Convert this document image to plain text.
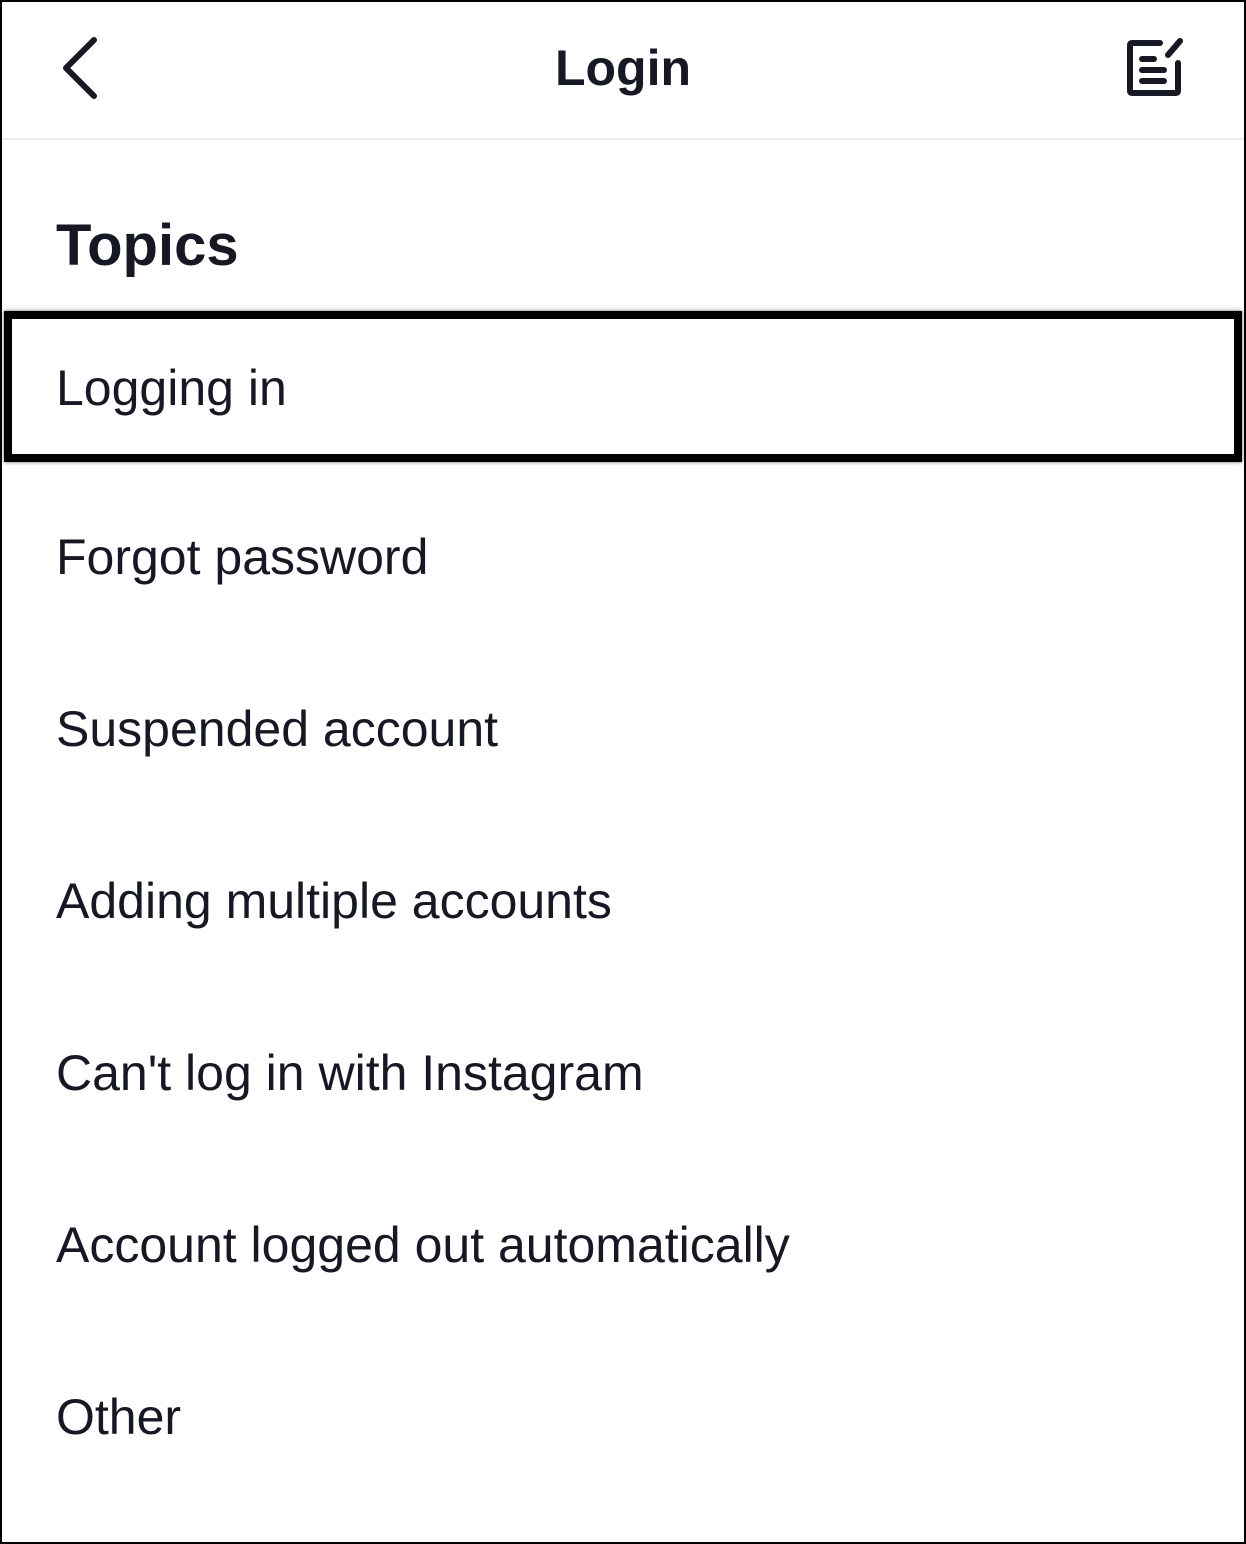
Login
Topics
Logging in
Forgot password
Suspended account
Adding multiple accounts
Can't log in with Instagram
Account logged out automatically
Other
